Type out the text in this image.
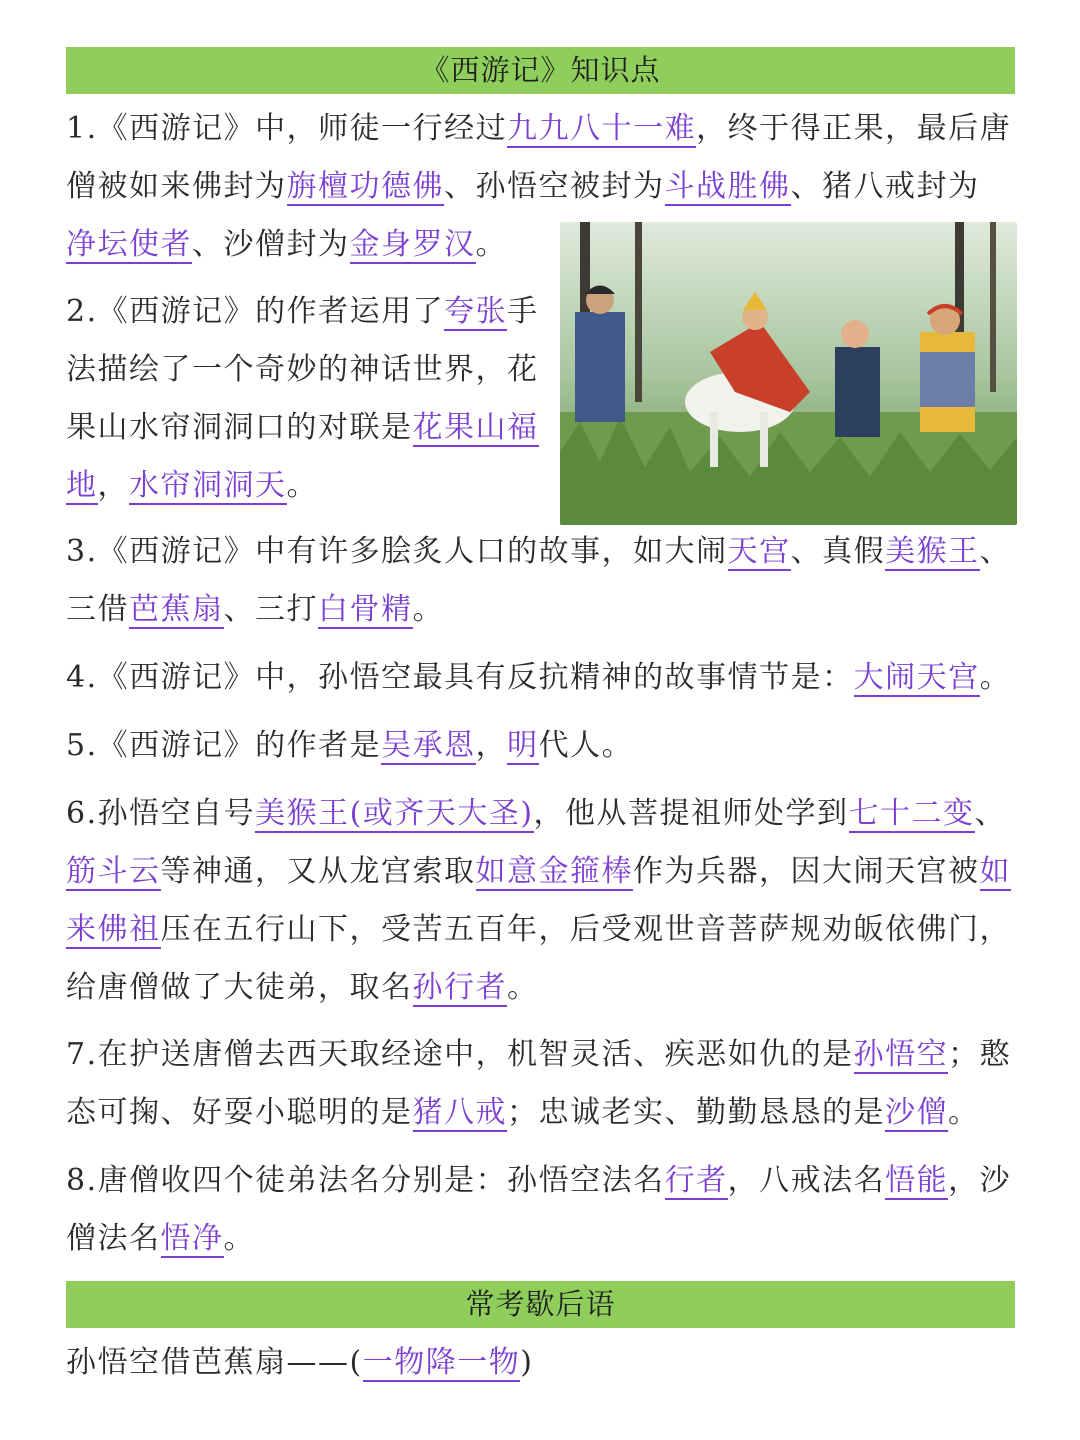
《西游记》知识点
1.《西游记》中，师徒一行经过九九八十一难，终于得正果，最后唐僧被如来佛封为旃檀功德佛、孙悟空被封为斗战胜佛、猪八戒封为
净坛使者、沙僧封为金身罗汉。
2.《西游记》的作者运用了夸张手法描绘了一个奇妙的神话世界，花果山水帘洞洞口的对联是花果山福地，水帘洞洞天。
3.《西游记》中有许多脍炙人口的故事，如大闹天宫、真假美猴王、三借芭蕉扇、三打白骨精。
4.《西游记》中，孙悟空最具有反抗精神的故事情节是：大闹天宫。
5.《西游记》的作者是吴承恩，明代人。
6.孙悟空自号美猴王(或齐天大圣)，他从菩提祖师处学到七十二变、筋斗云等神通，又从龙宫索取如意金箍棒作为兵器，因大闹天宫被如来佛祖压在五行山下，受苦五百年，后受观世音菩萨规劝皈依佛门，给唐僧做了大徒弟，取名孙行者。
7.在护送唐僧去西天取经途中，机智灵活、疾恶如仇的是孙悟空；憨态可掬、好耍小聪明的是猪八戒；忠诚老实、勤勤恳恳的是沙僧。
8.唐僧收四个徒弟法名分别是：孙悟空法名行者，八戒法名悟能，沙僧法名悟净。
常考歇后语
孙悟空借芭蕉扇——(一物降一物)
